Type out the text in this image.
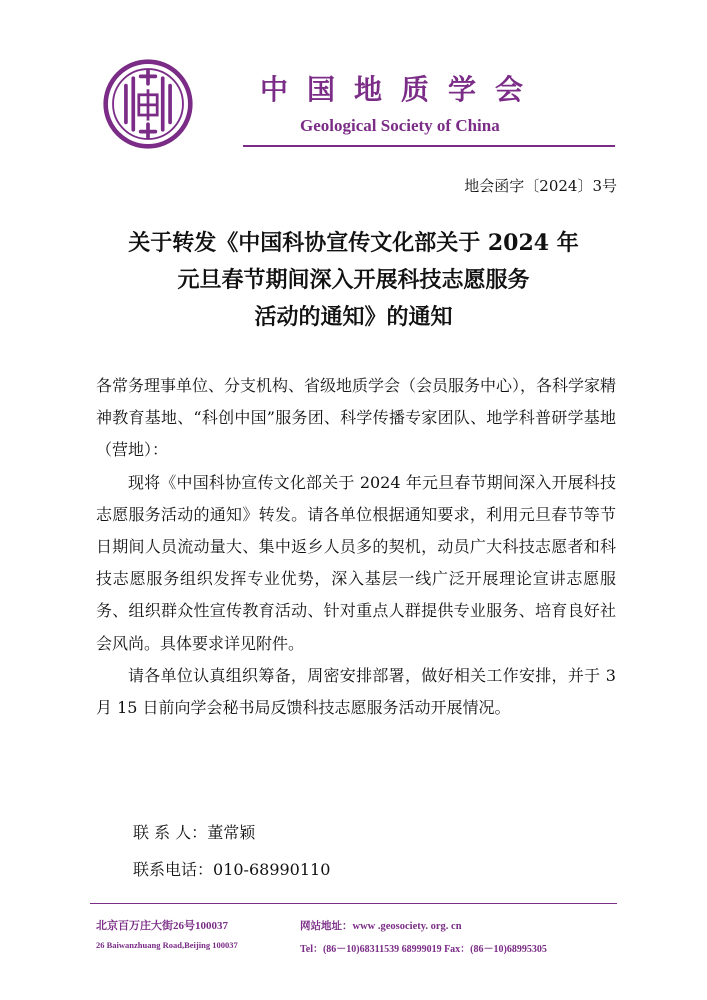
中国地质学会
Geological Society of China
地会函字〔2024〕3号
关于转发《中国科协宣传文化部关于 2024 年
元旦春节期间深入开展科技志愿服务
活动的通知》的通知

各常务理事单位、分支机构、省级地质学会（会员服务中心），各科学家精神教育基地、“科创中国”服务团、科学传播专家团队、地学科普研学基地（营地）：

现将《中国科协宣传文化部关于 2024 年元旦春节期间深入开展科技志愿服务活动的通知》转发。请各单位根据通知要求，利用元旦春节等节日期间人员流动量大、集中返乡人员多的契机，动员广大科技志愿者和科技志愿服务组织发挥专业优势，深入基层一线广泛开展理论宣讲志愿服务、组织群众性宣传教育活动、针对重点人群提供专业服务、培育良好社会风尚。具体要求详见附件。

请各单位认真组织筹备，周密安排部署，做好相关工作安排，并于 3 月 15 日前向学会秘书局反馈科技志愿服务活动开展情况。

联 系 人：董常颖
联系电话：010-68990110
北京百万庄大街26号100037
26 Baiwanzhuang Road,Beijing 100037
网站地址：www .geosociety. org. cn
Tel：(86－10)68311539 68999019 Fax：(86－10)68995305
